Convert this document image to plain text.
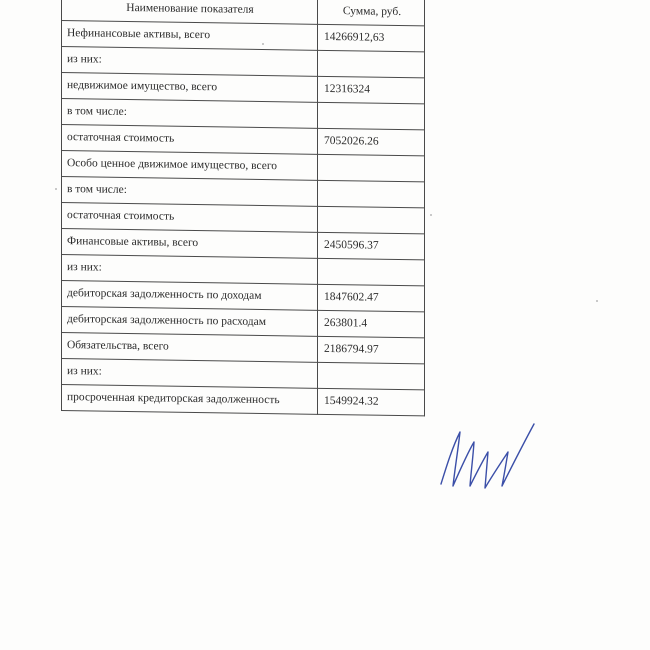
Наименование показателя	Сумма, руб.
Нефинансовые активы, всего	14266912,63
из них:	
недвижимое имущество, всего	12316324
в том числе:	
остаточная стоимость	7052026.26
Особо ценное движимое имущество, всего	
в том числе:	
остаточная стоимость	
Финансовые активы, всего	2450596.37
из них:	
дебиторская задолженность по доходам	1847602.47
дебиторская задолженность по расходам	263801.4
Обязательства, всего	2186794.97
из них:	
просроченная кредиторская задолженность	1549924.32
